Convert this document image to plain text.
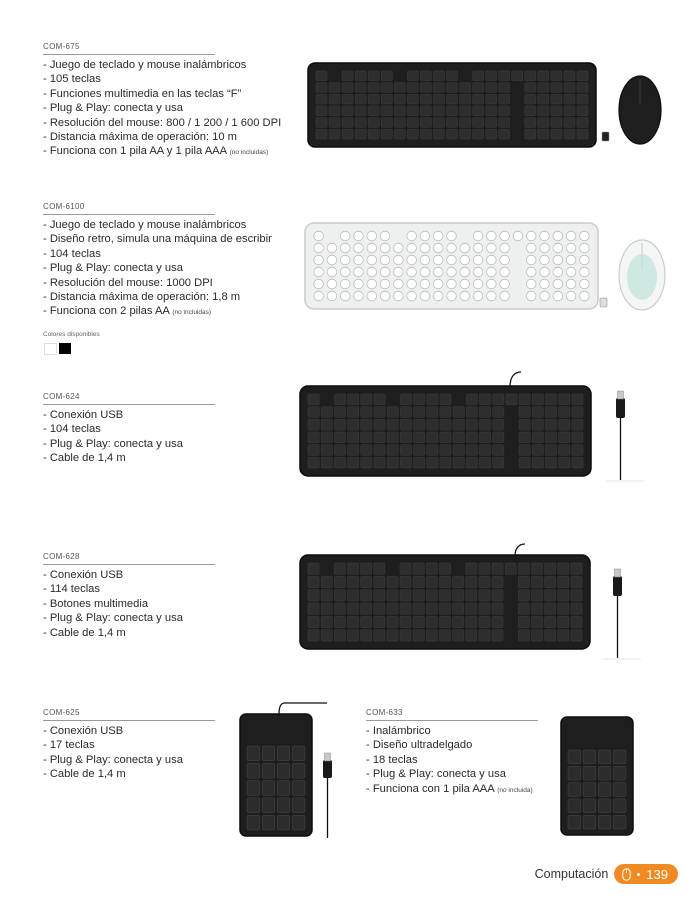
COM-675

- Juego de teclado y mouse inalámbricos
- 105 teclas
- Funciones multimedia en las teclas “F”
- Plug & Play: conecta y usa
- Resolución del mouse: 800 / 1 200 / 1 600 DPI
- Distancia máxima de operación: 10 m
- Funciona con 1 pila AA y 1 pila AAA (no incluidas)

COM-6100

- Juego de teclado y mouse inalámbricos
- Diseño retro, simula una máquina de escribir
- 104 teclas
- Plug & Play: conecta y usa
- Resolución del mouse: 1000 DPI
- Distancia máxima de operación: 1,8 m
- Funciona con 2 pilas AA (no incluidas)
Colores disponibles

COM-624

- Conexión USB
- 104 teclas
- Plug & Play: conecta y usa
- Cable de 1,4 m

COM-628

- Conexión USB
- 114 teclas
- Botones multimedia
- Plug & Play: conecta y usa
- Cable de 1,4 m

COM-625

- Conexión USB
- 17 teclas
- Plug & Play: conecta y usa
- Cable de 1,4 m

COM-633

- Inalámbrico
- Diseño ultradelgado
- 18 teclas
- Plug & Play: conecta y usa
- Funciona con 1 pila AAA (no incluida)
Computación	139
